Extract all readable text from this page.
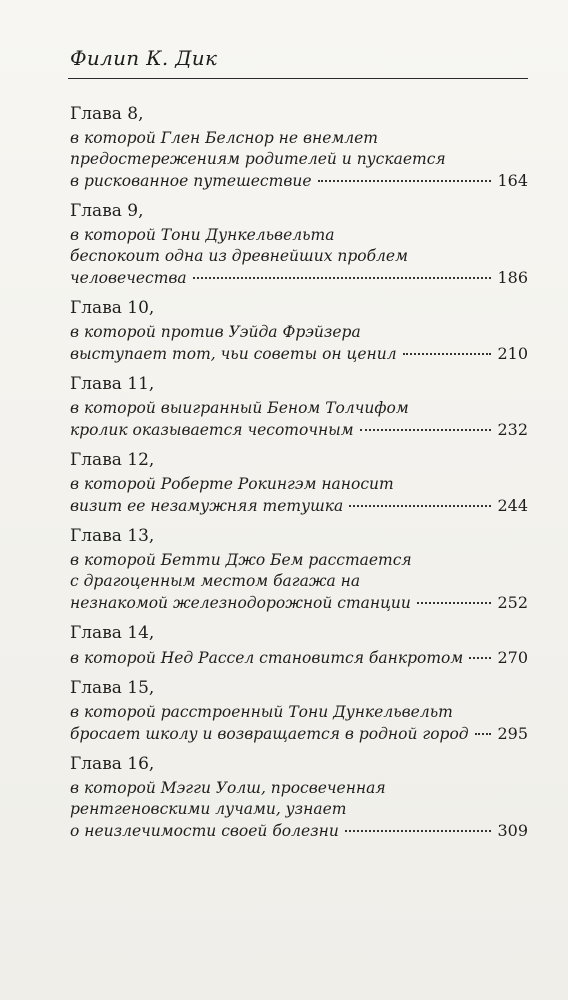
Филип К. Дик
Глава 8,
в которой Глен Белснор не внемлет
предостережениям родителей и пускается
в рискованное путешествие	164
Глава 9,
в которой Тони Дункельвельта
беспокоит одна из древнейших проблем
человечества	186
Глава 10,
в которой против Уэйда Фрэйзера
выступает тот, чьи советы он ценил	210
Глава 11,
в которой выигранный Беном Толчифом
кролик оказывается чесоточным	232
Глава 12,
в которой Роберте Рокингэм наносит
визит ее незамужняя тетушка	244
Глава 13,
в которой Бетти Джо Бем расстается
с драгоценным местом багажа на
незнакомой железнодорожной станции	252
Глава 14,
в которой Нед Рассел становится банкротом 270
Глава 15,
в которой расстроенный Тони Дункельвельт
бросает школу и возвращается в родной город 295
Глава 16,
в которой Мэгги Уолш, просвеченная
рентгеновскими лучами, узнает
о неизлечимости своей болезни	309
